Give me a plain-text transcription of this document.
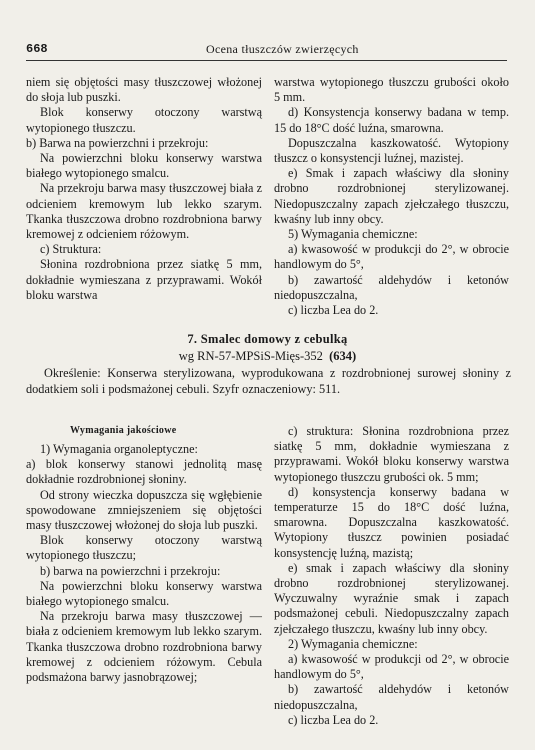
668	Ocena tłuszczów zwierzęcych

niem się objętości masy tłuszczowej włożonej do słoja lub puszki.

Blok konserwy otoczony warstwą wytopionego tłuszczu.

b) Barwa na powierzchni i przekroju:

Na powierzchni bloku konserwy warstwa białego wytopionego smalcu.

Na przekroju barwa masy tłuszczowej biała z odcieniem kremowym lub lekko szarym. Tkanka tłuszczowa drobno rozdrobniona barwy kremowej z odcieniem różowym.

c) Struktura:

Słonina rozdrobniona przez siatkę 5 mm, dokładnie wymieszana z przyprawami. Wokół bloku warstwa

warstwa wytopionego tłuszczu grubości około 5 mm.

d) Konsystencja konserwy badana w temp. 15 do 18°C dość luźna, smarowna.

Dopuszczalna kaszkowatość. Wytopiony tłuszcz o konsystencji luźnej, mazistej.

e) Smak i zapach właściwy dla słoniny drobno rozdrobnionej sterylizowanej. Niedopuszczalny zapach zjełczałego tłuszczu, kwaśny lub inny obcy.

5) Wymagania chemiczne:

a) kwasowość w produkcji do 2°, w obrocie handlowym do 5°,

b) zawartość aldehydów i ketonów niedopuszczalna,

c) liczba Lea do 2.

7. Smalec domowy z cebulką
wg RN-57-MPSiS-Mięs-352 (634)

Określenie: Konserwa sterylizowana, wyprodukowana z rozdrobnionej surowej słoniny z dodatkiem soli i podsmażonej cebuli. Szyfr oznaczeniowy: 511.

Wymagania jakościowe

1) Wymagania organoleptyczne:

a) blok konserwy stanowi jednolitą masę dokładnie rozdrobnionej słoniny.

Od strony wieczka dopuszcza się wgłębienie spowodowane zmniejszeniem się objętości masy tłuszczowej włożonej do słoja lub puszki.

Blok konserwy otoczony warstwą wytopionego tłuszczu;

b) barwa na powierzchni i przekroju:

Na powierzchni bloku konserwy warstwa białego wytopionego smalcu.

Na przekroju barwa masy tłuszczowej — biała z odcieniem kremowym lub lekko szarym. Tkanka tłuszczowa drobno rozdrobniona barwy kremowej z odcieniem różowym. Cebula podsmażona barwy jasnobrązowej;

c) struktura: Słonina rozdrobniona przez siatkę 5 mm, dokładnie wymieszana z przyprawami. Wokół bloku konserwy warstwa wytopionego tłuszczu grubości ok. 5 mm;

d) konsystencja konserwy badana w temperaturze 15 do 18°C dość luźna, smarowna. Dopuszczalna kaszkowatość. Wytopiony tłuszcz powinien posiadać konsystencję luźną, mazistą;

e) smak i zapach właściwy dla słoniny drobno rozdrobnionej sterylizowanej. Wyczuwalny wyraźnie smak i zapach podsmażonej cebuli. Niedopuszczalny zapach zjełczałego tłuszczu, kwaśny lub inny obcy.

2) Wymagania chemiczne:

a) kwasowość w produkcji od 2°, w obrocie handlowym do 5°,

b) zawartość aldehydów i ketonów niedopuszczalna,

c) liczba Lea do 2.
